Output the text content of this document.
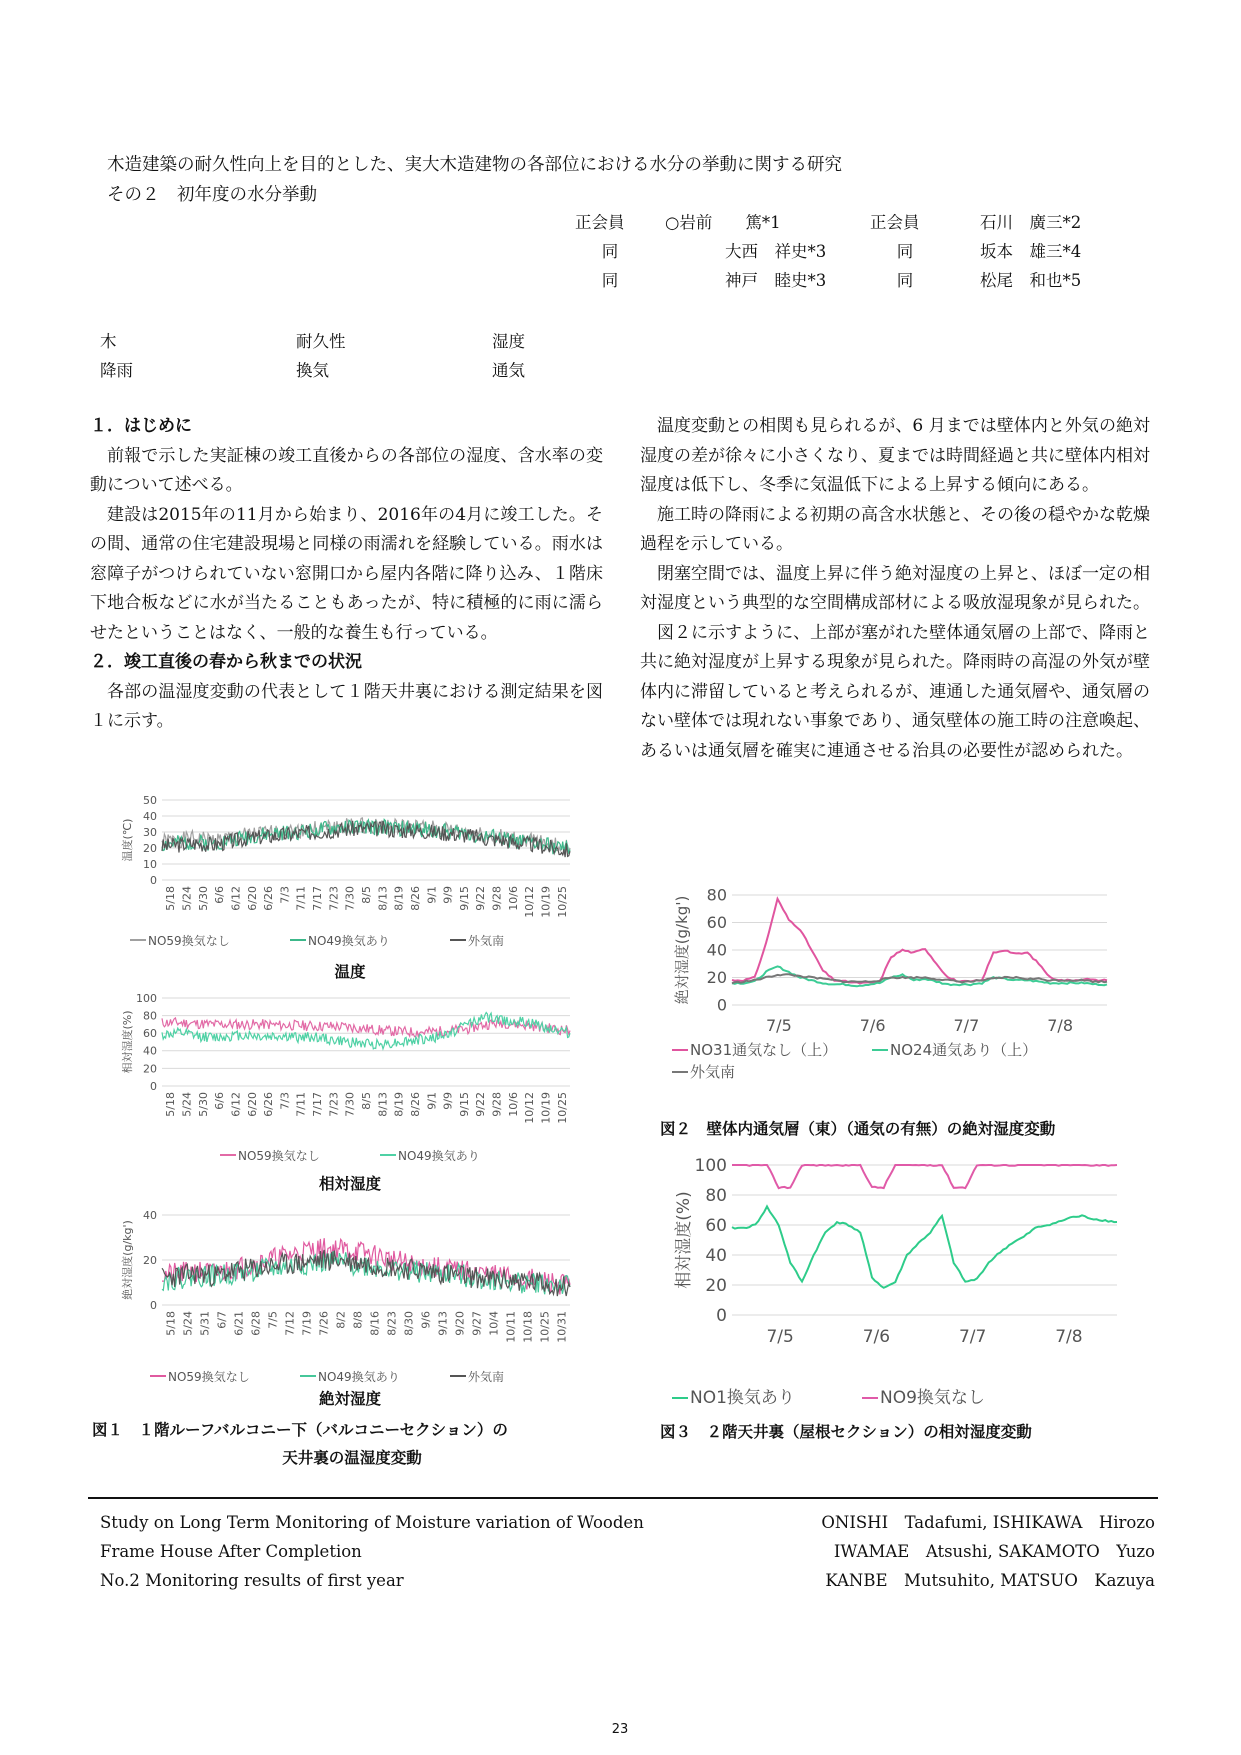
木造建築の耐久性向上を目的とした、実大木造建物の各部位における水分の挙動に関する研究
その２　初年度の水分挙動
正会員	○岩前　　篤*1	正会員	石川　廣三*2
同	大西　祥史*3	同	坂本　雄三*4
同	神戸　睦史*3	同	松尾　和也*5
木	耐久性	湿度
降雨	換気	通気
１．はじめに

前報で示した実証棟の竣工直後からの各部位の湿度、含水率の変動について述べる。

建設は2015年の11月から始まり、2016年の4月に竣工した。その間、通常の住宅建設現場と同様の雨濡れを経験している。雨水は窓障子がつけられていない窓開口から屋内各階に降り込み、１階床下地合板などに水が当たることもあったが、特に積極的に雨に濡らせたということはなく、一般的な養生も行っている。

２．竣工直後の春から秋までの状況

各部の温湿度変動の代表として１階天井裏における測定結果を図１に示す。

温度変動との相関も見られるが、6 月までは壁体内と外気の絶対湿度の差が徐々に小さくなり、夏までは時間経過と共に壁体内相対湿度は低下し、冬季に気温低下による上昇する傾向にある。

施工時の降雨による初期の高含水状態と、その後の穏やかな乾燥過程を示している。

閉塞空間では、温度上昇に伴う絶対湿度の上昇と、ほぼ一定の相対湿度という典型的な空間構成部材による吸放湿現象が見られた。

図２に示すように、上部が塞がれた壁体通気層の上部で、降雨と共に絶対湿度が上昇する現象が見られた。降雨時の高湿の外気が壁体内に滞留していると考えられるが、連通した通気層や、通気層のない壁体では現れない事象であり、通気壁体の施工時の注意喚起、あるいは通気層を確実に連通させる治具の必要性が認められた。

0
10
20
30
40
50
温度(℃)
5/18 5/24 5/30 6/6 6/12 6/20 6/26 7/3 7/11 7/17 7/23 7/30 8/5 8/13 8/19 8/26 9/1 9/9 9/15 9/22 9/28 10/6 10/12 10/19 10/25
NO59換気なし	NO49換気あり	外気南
温度
0
20
40
60
80
100
相対湿度(%)
5/18 5/24 5/30 6/6 6/12 6/20 6/26 7/3 7/11 7/17 7/23 7/30 8/5 8/13 8/19 8/26 9/1 9/9 9/15 9/22 9/28 10/6 10/12 10/19 10/25
NO59換気なし	NO49換気あり
相対湿度
0
20
40
絶対湿度(g/kg')
5/18 5/24 5/31 6/7 6/21 6/28 7/5 7/12 7/19 7/26 8/2 8/8 8/16 8/23 8/30 9/6 9/13 9/20 9/27 10/4 10/11 10/18 10/25 10/31
NO59換気なし	NO49換気あり	外気南
絶対湿度
図１　１階ルーフバルコニー下（バルコニーセクション）の
天井裏の温湿度変動
0
20
40
60
80
絶対湿度(g/kg')
7/5	7/6	7/7	7/8
NO31通気なし（上）	NO24通気あり（上）
外気南
図２　壁体内通気層（東）（通気の有無）の絶対湿度変動
0
20
40
60
80
100
相対湿度(%)
7/5	7/6	7/7	7/8
NO1換気あり	NO9換気なし
図３　２階天井裏（屋根セクション）の相対湿度変動
Study on Long Term Monitoring of Moisture variation of Wooden
Frame House After Completion
No.2 Monitoring results of first year
ONISHI　Tadafumi, ISHIKAWA　Hirozo
IWAMAE　Atsushi, SAKAMOTO　Yuzo
KANBE　Mutsuhito, MATSUO　Kazuya
23
